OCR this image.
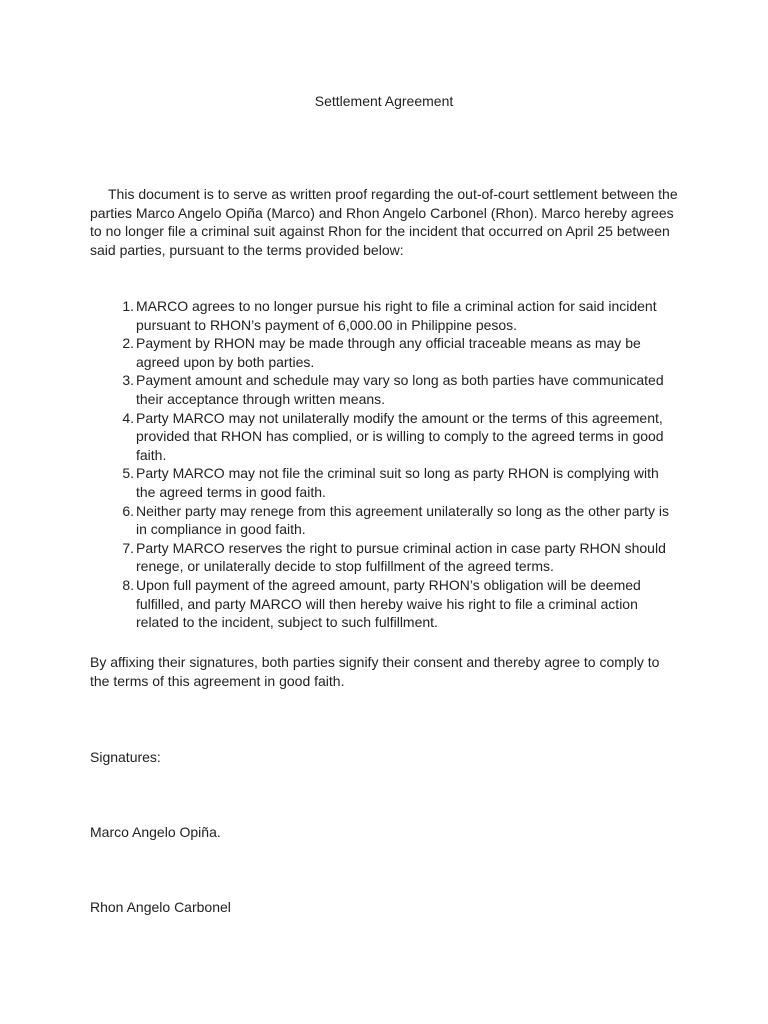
Settlement Agreement

This document is to serve as written proof regarding the out-of-court settlement between the parties Marco Angelo Opiña (Marco) and Rhon Angelo Carbonel (Rhon). Marco hereby agrees to no longer file a criminal suit against Rhon for the incident that occurred on April 25 between said parties, pursuant to the terms provided below:

1. MARCO agrees to no longer pursue his right to file a criminal action for said incident pursuant to RHON’s payment of 6,000.00 in Philippine pesos.
2. Payment by RHON may be made through any official traceable means as may be agreed upon by both parties.
3. Payment amount and schedule may vary so long as both parties have communicated their acceptance through written means.
4. Party MARCO may not unilaterally modify the amount or the terms of this agreement, provided that RHON has complied, or is willing to comply to the agreed terms in good faith.
5. Party MARCO may not file the criminal suit so long as party RHON is complying with the agreed terms in good faith.
6. Neither party may renege from this agreement unilaterally so long as the other party is in compliance in good faith.
7. Party MARCO reserves the right to pursue criminal action in case party RHON should renege, or unilaterally decide to stop fulfillment of the agreed terms.
8. Upon full payment of the agreed amount, party RHON’s obligation will be deemed fulfilled, and party MARCO will then hereby waive his right to file a criminal action related to the incident, subject to such fulfillment.

By affixing their signatures, both parties signify their consent and thereby agree to comply to the terms of this agreement in good faith.

Signatures:

Marco Angelo Opiña.

Rhon Angelo Carbonel
